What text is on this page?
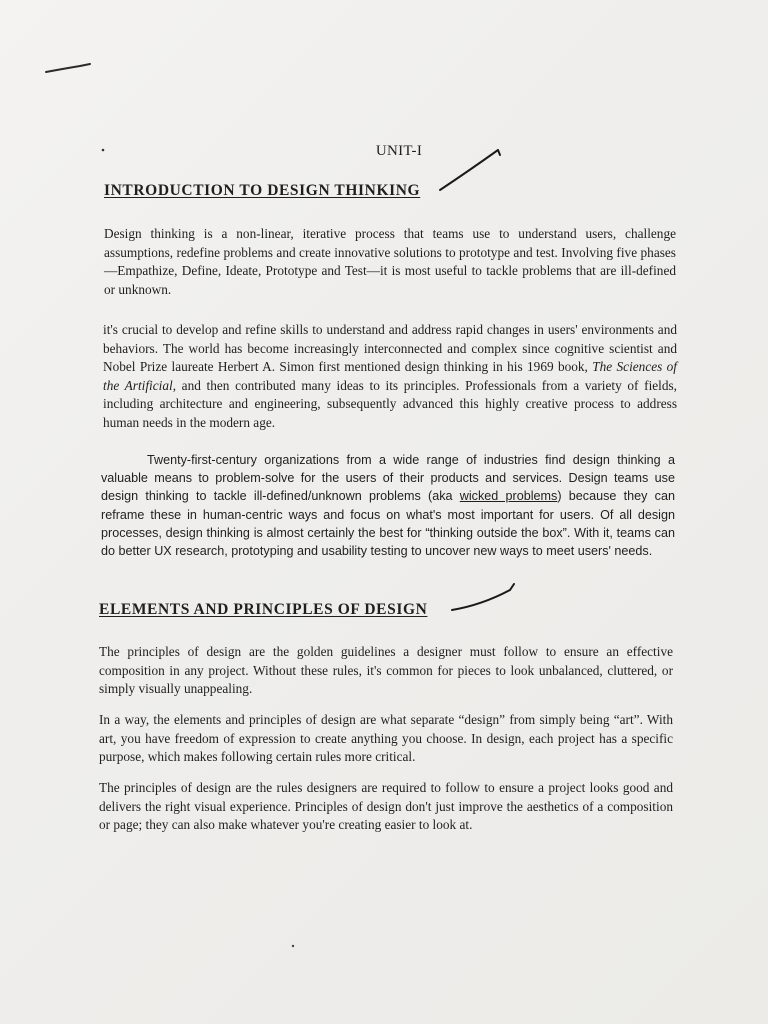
UNIT-I
INTRODUCTION TO DESIGN THINKING

Design thinking is a non-linear, iterative process that teams use to understand users, challenge assumptions, redefine problems and create innovative solutions to prototype and test. Involving five phases—Empathize, Define, Ideate, Prototype and Test—it is most useful to tackle problems that are ill-defined or unknown.

it's crucial to develop and refine skills to understand and address rapid changes in users' environments and behaviors. The world has become increasingly interconnected and complex since cognitive scientist and Nobel Prize laureate Herbert A. Simon first mentioned design thinking in his 1969 book, The Sciences of the Artificial, and then contributed many ideas to its principles. Professionals from a variety of fields, including architecture and engineering, subsequently advanced this highly creative process to address human needs in the modern age.

Twenty-first-century organizations from a wide range of industries find design thinking a valuable means to problem-solve for the users of their products and services. Design teams use design thinking to tackle ill-defined/unknown problems (aka wicked problems) because they can reframe these in human-centric ways and focus on what's most important for users. Of all design processes, design thinking is almost certainly the best for “thinking outside the box”. With it, teams can do better UX research, prototyping and usability testing to uncover new ways to meet users' needs.

ELEMENTS AND PRINCIPLES OF DESIGN

The principles of design are the golden guidelines a designer must follow to ensure an effective composition in any project. Without these rules, it's common for pieces to look unbalanced, cluttered, or simply visually unappealing.

In a way, the elements and principles of design are what separate “design” from simply being “art”. With art, you have freedom of expression to create anything you choose. In design, each project has a specific purpose, which makes following certain rules more critical.

The principles of design are the rules designers are required to follow to ensure a project looks good and delivers the right visual experience. Principles of design don't just improve the aesthetics of a composition or page; they can also make whatever you're creating easier to look at.
